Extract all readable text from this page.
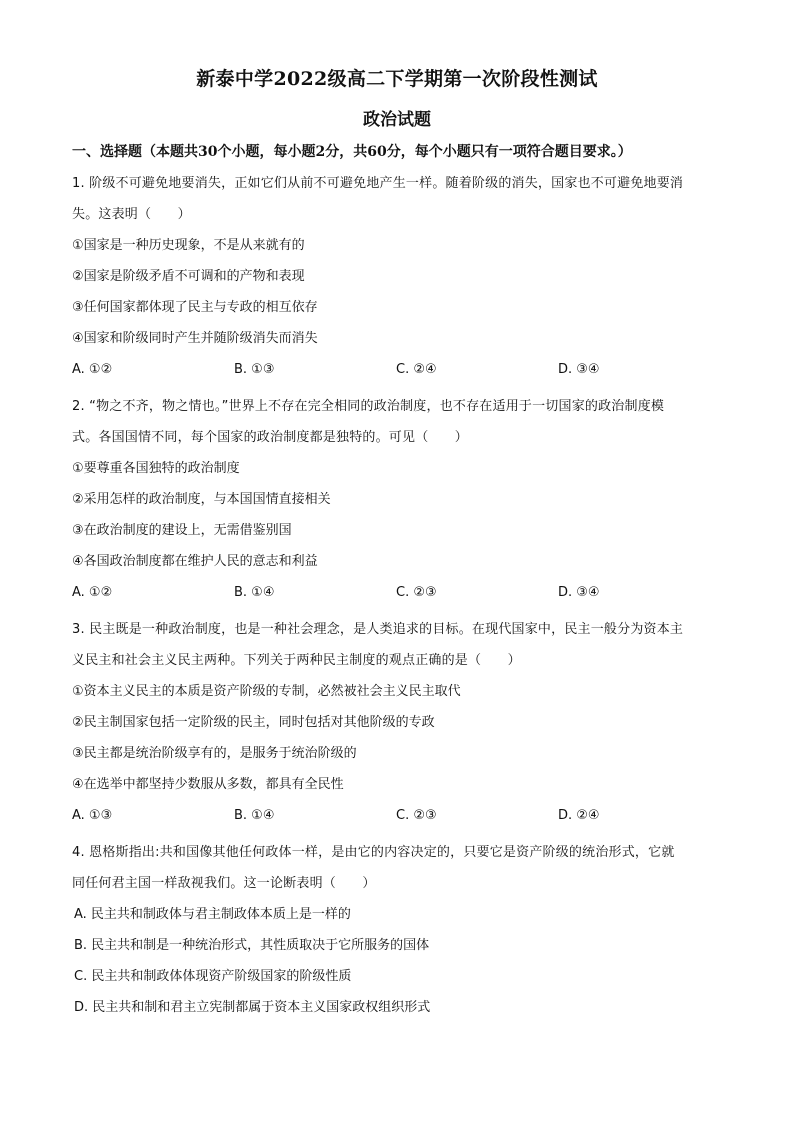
新泰中学2022级高二下学期第一次阶段性测试
政治试题

一、选择题（本题共30个小题，每小题2分，共60分，每个小题只有一项符合题目要求。）

1. 阶级不可避免地要消失，正如它们从前不可避免地产生一样。随着阶级的消失，国家也不可避免地要消

失。这表明（　　）

①国家是一种历史现象，不是从来就有的

②国家是阶级矛盾不可调和的产物和表现

③任何国家都体现了民主与专政的相互依存

④国家和阶级同时产生并随阶级消失而消失

A. ①②	B. ①③	C. ②④	D. ③④

2. “物之不齐，物之情也。”世界上不存在完全相同的政治制度，也不存在适用于一切国家的政治制度模

式。各国国情不同，每个国家的政治制度都是独特的。可见（　　）

①要尊重各国独特的政治制度

②采用怎样的政治制度，与本国国情直接相关

③在政治制度的建设上，无需借鉴别国

④各国政治制度都在维护人民的意志和利益

A. ①②	B. ①④	C. ②③	D. ③④

3. 民主既是一种政治制度，也是一种社会理念，是人类追求的目标。在现代国家中，民主一般分为资本主

义民主和社会主义民主两种。下列关于两种民主制度的观点正确的是（　　）

①资本主义民主的本质是资产阶级的专制，必然被社会主义民主取代

②民主制国家包括一定阶级的民主，同时包括对其他阶级的专政

③民主都是统治阶级享有的，是服务于统治阶级的

④在选举中都坚持少数服从多数，都具有全民性

A. ①③	B. ①④	C. ②③	D. ②④

4. 恩格斯指出:共和国像其他任何政体一样，是由它的内容决定的，只要它是资产阶级的统治形式，它就

同任何君主国一样敌视我们。这一论断表明（　　）

A. 民主共和制政体与君主制政体本质上是一样的

B. 民主共和制是一种统治形式，其性质取决于它所服务的国体

C. 民主共和制政体体现资产阶级国家的阶级性质

D. 民主共和制和君主立宪制都属于资本主义国家政权组织形式
